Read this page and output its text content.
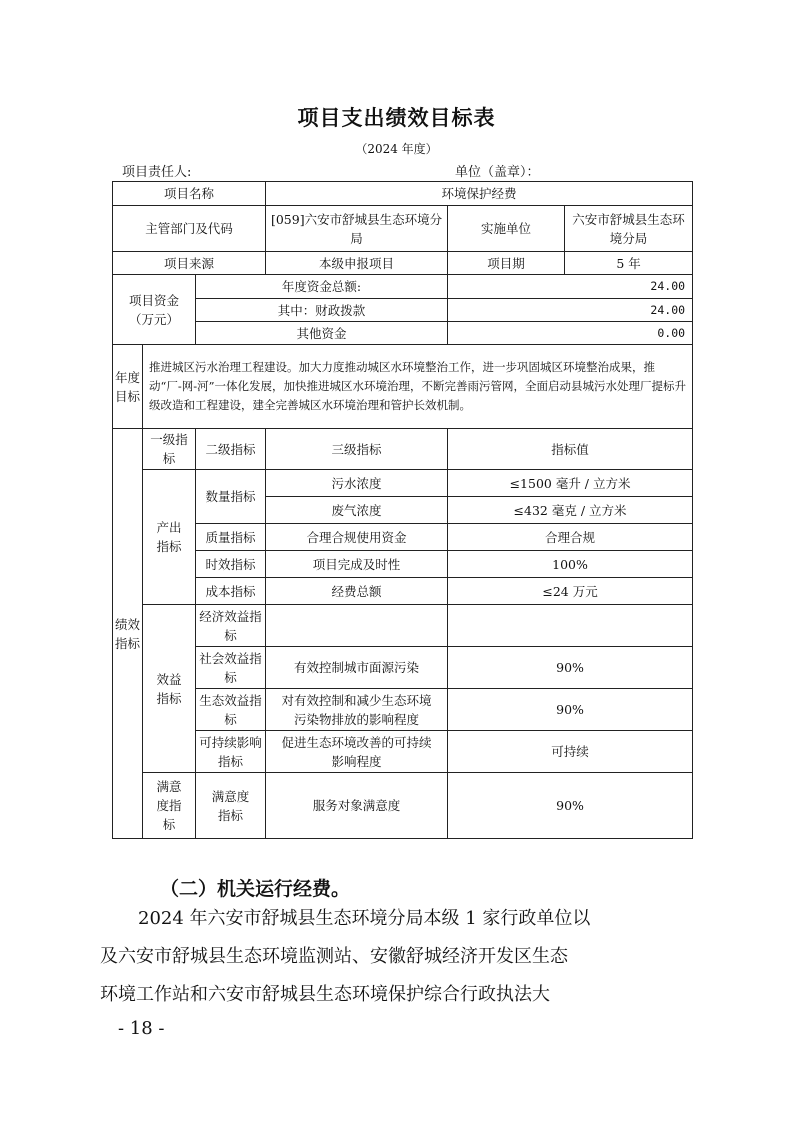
项目支出绩效目标表
（2024 年度）
项目责任人:	单位（盖章）：
项目名称			环境保护经费		
主管部门及代码			[059]六安市舒城县生态环境分局	实施单位	六安市舒城县生态环境分局
项目来源			本级申报项目	项目期	5 年
项目资金（万元）		年度资金总额:		24.00	
		其中：财政拨款		24.00	
		其他资金		0.00	
年度目标	推进城区污水治理工程建设。加大力度推动城区水环境整治工作，进一步巩固城区环境整治成果，推动“厂-网-河”一体化发展，加快推进城区水环境治理，不断完善雨污管网，全面启动县城污水处理厂提标升级改造和工程建设，建全完善城区水环境治理和管护长效机制。				
绩效指标	一级指标	二级指标	三级指标	指标值	
	产出指标	数量指标	污水浓度	≤1500 毫升 / 立方米	
			废气浓度	≤432 毫克 / 立方米	
		质量指标	合理合规使用资金	合理合规	
		时效指标	项目完成及时性	100%	
		成本指标	经费总额	≤24 万元	
	效益指标	经济效益指标			
		社会效益指标	有效控制城市面源污染	90%	
		生态效益指标	对有效控制和减少生态环境污染物排放的影响程度	90%	
		可持续影响指标	促进生态环境改善的可持续影响程度	可持续	
	满意度指标	满意度指标	服务对象满意度	90%	
（二）机关运行经费。

2024 年六安市舒城县生态环境分局本级 1 家行政单位以

及六安市舒城县生态环境监测站、安徽舒城经济开发区生态

环境工作站和六安市舒城县生态环境保护综合行政执法大

- 18 -
